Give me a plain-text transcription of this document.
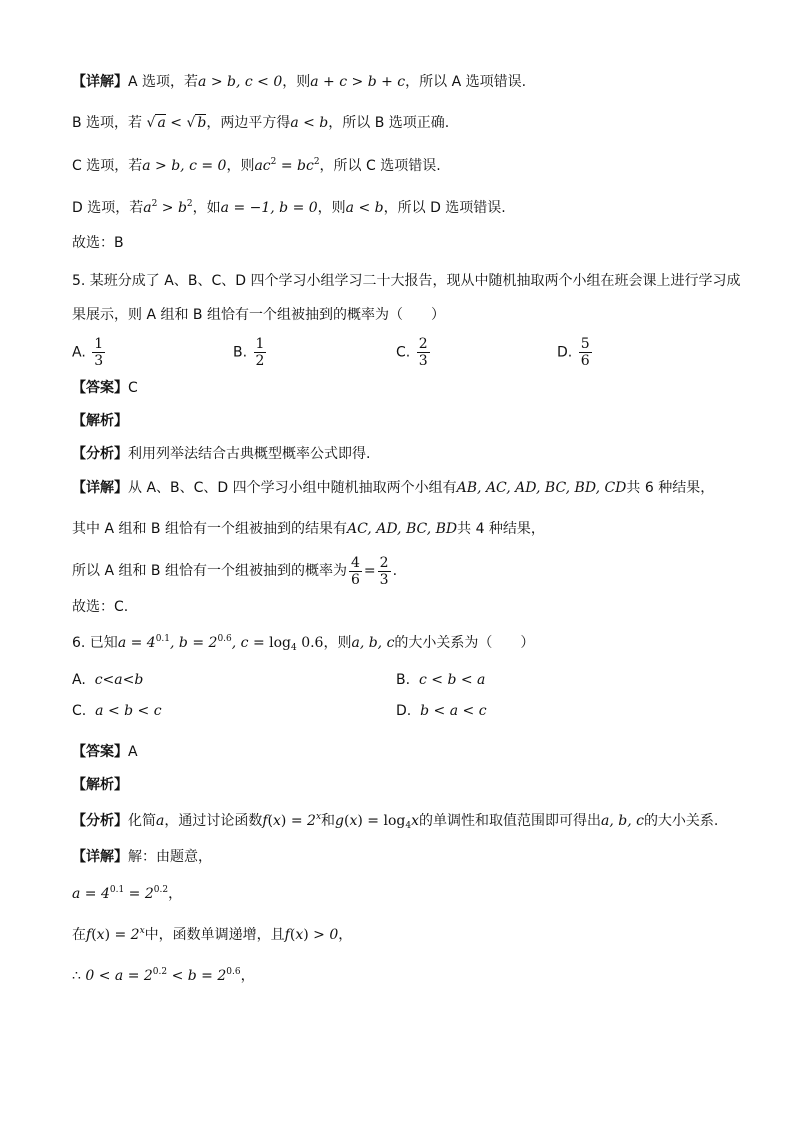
【详解】A 选项，若a > b, c < 0，则a + c > b + c，所以 A 选项错误.
B 选项，若 √ a < √ b，两边平方得a < b，所以 B 选项正确.
C 选项，若a > b, c = 0，则$ac^2 = bc^2$，所以 C 选项错误.
D 选项，若$a^2 > b^2$，如a = −1, b = 0，则a < b，所以 D 选项错误.
故选：B
5. 某班分成了 A、B、C、D 四个学习小组学习二十大报告，现从中随机抽取两个小组在班会课上进行学习成
果展示，则 A 组和 B 组恰有一个组被抽到的概率为（　　）
A. $\frac{1}{3}$	B. $\frac{1}{2}$	C. $\frac{2}{3}$	D. $\frac{5}{6}$
【答案】C
【解析】
【分析】利用列举法结合古典概型概率公式即得.
【详解】从 A、B、C、D 四个学习小组中随机抽取两个小组有AB, AC, AD, BC, BD, CD共 6 种结果，
其中 A 组和 B 组恰有一个组被抽到的结果有AC, AD, BC, BD共 4 种结果，
所以 A 组和 B 组恰有一个组被抽到的概率为 $\frac{4}{6} = \frac{2}{3}$ .
故选：C.
6. 已知$a = 4^{0.1}$, $b = 2^{0.6}$, $c = \log_4 0.6$，则a, b, c的大小关系为（　　）
A. c<a<b	B. c < b < a
C. a < b < c	D. b < a < c
【答案】A
【解析】
【分析】化简a，通过讨论函数$f(x) = 2^x$和$g(x) = \log_4x$的单调性和取值范围即可得出a, b, c的大小关系.
【详解】解：由题意，
$a = 4^{0.1} = 2^{0.2}$，
在$f(x) = 2^x$中，函数单调递增，且f(x) > 0，
∴ $0 < a = 2^{0.2} < b = 2^{0.6}$，
